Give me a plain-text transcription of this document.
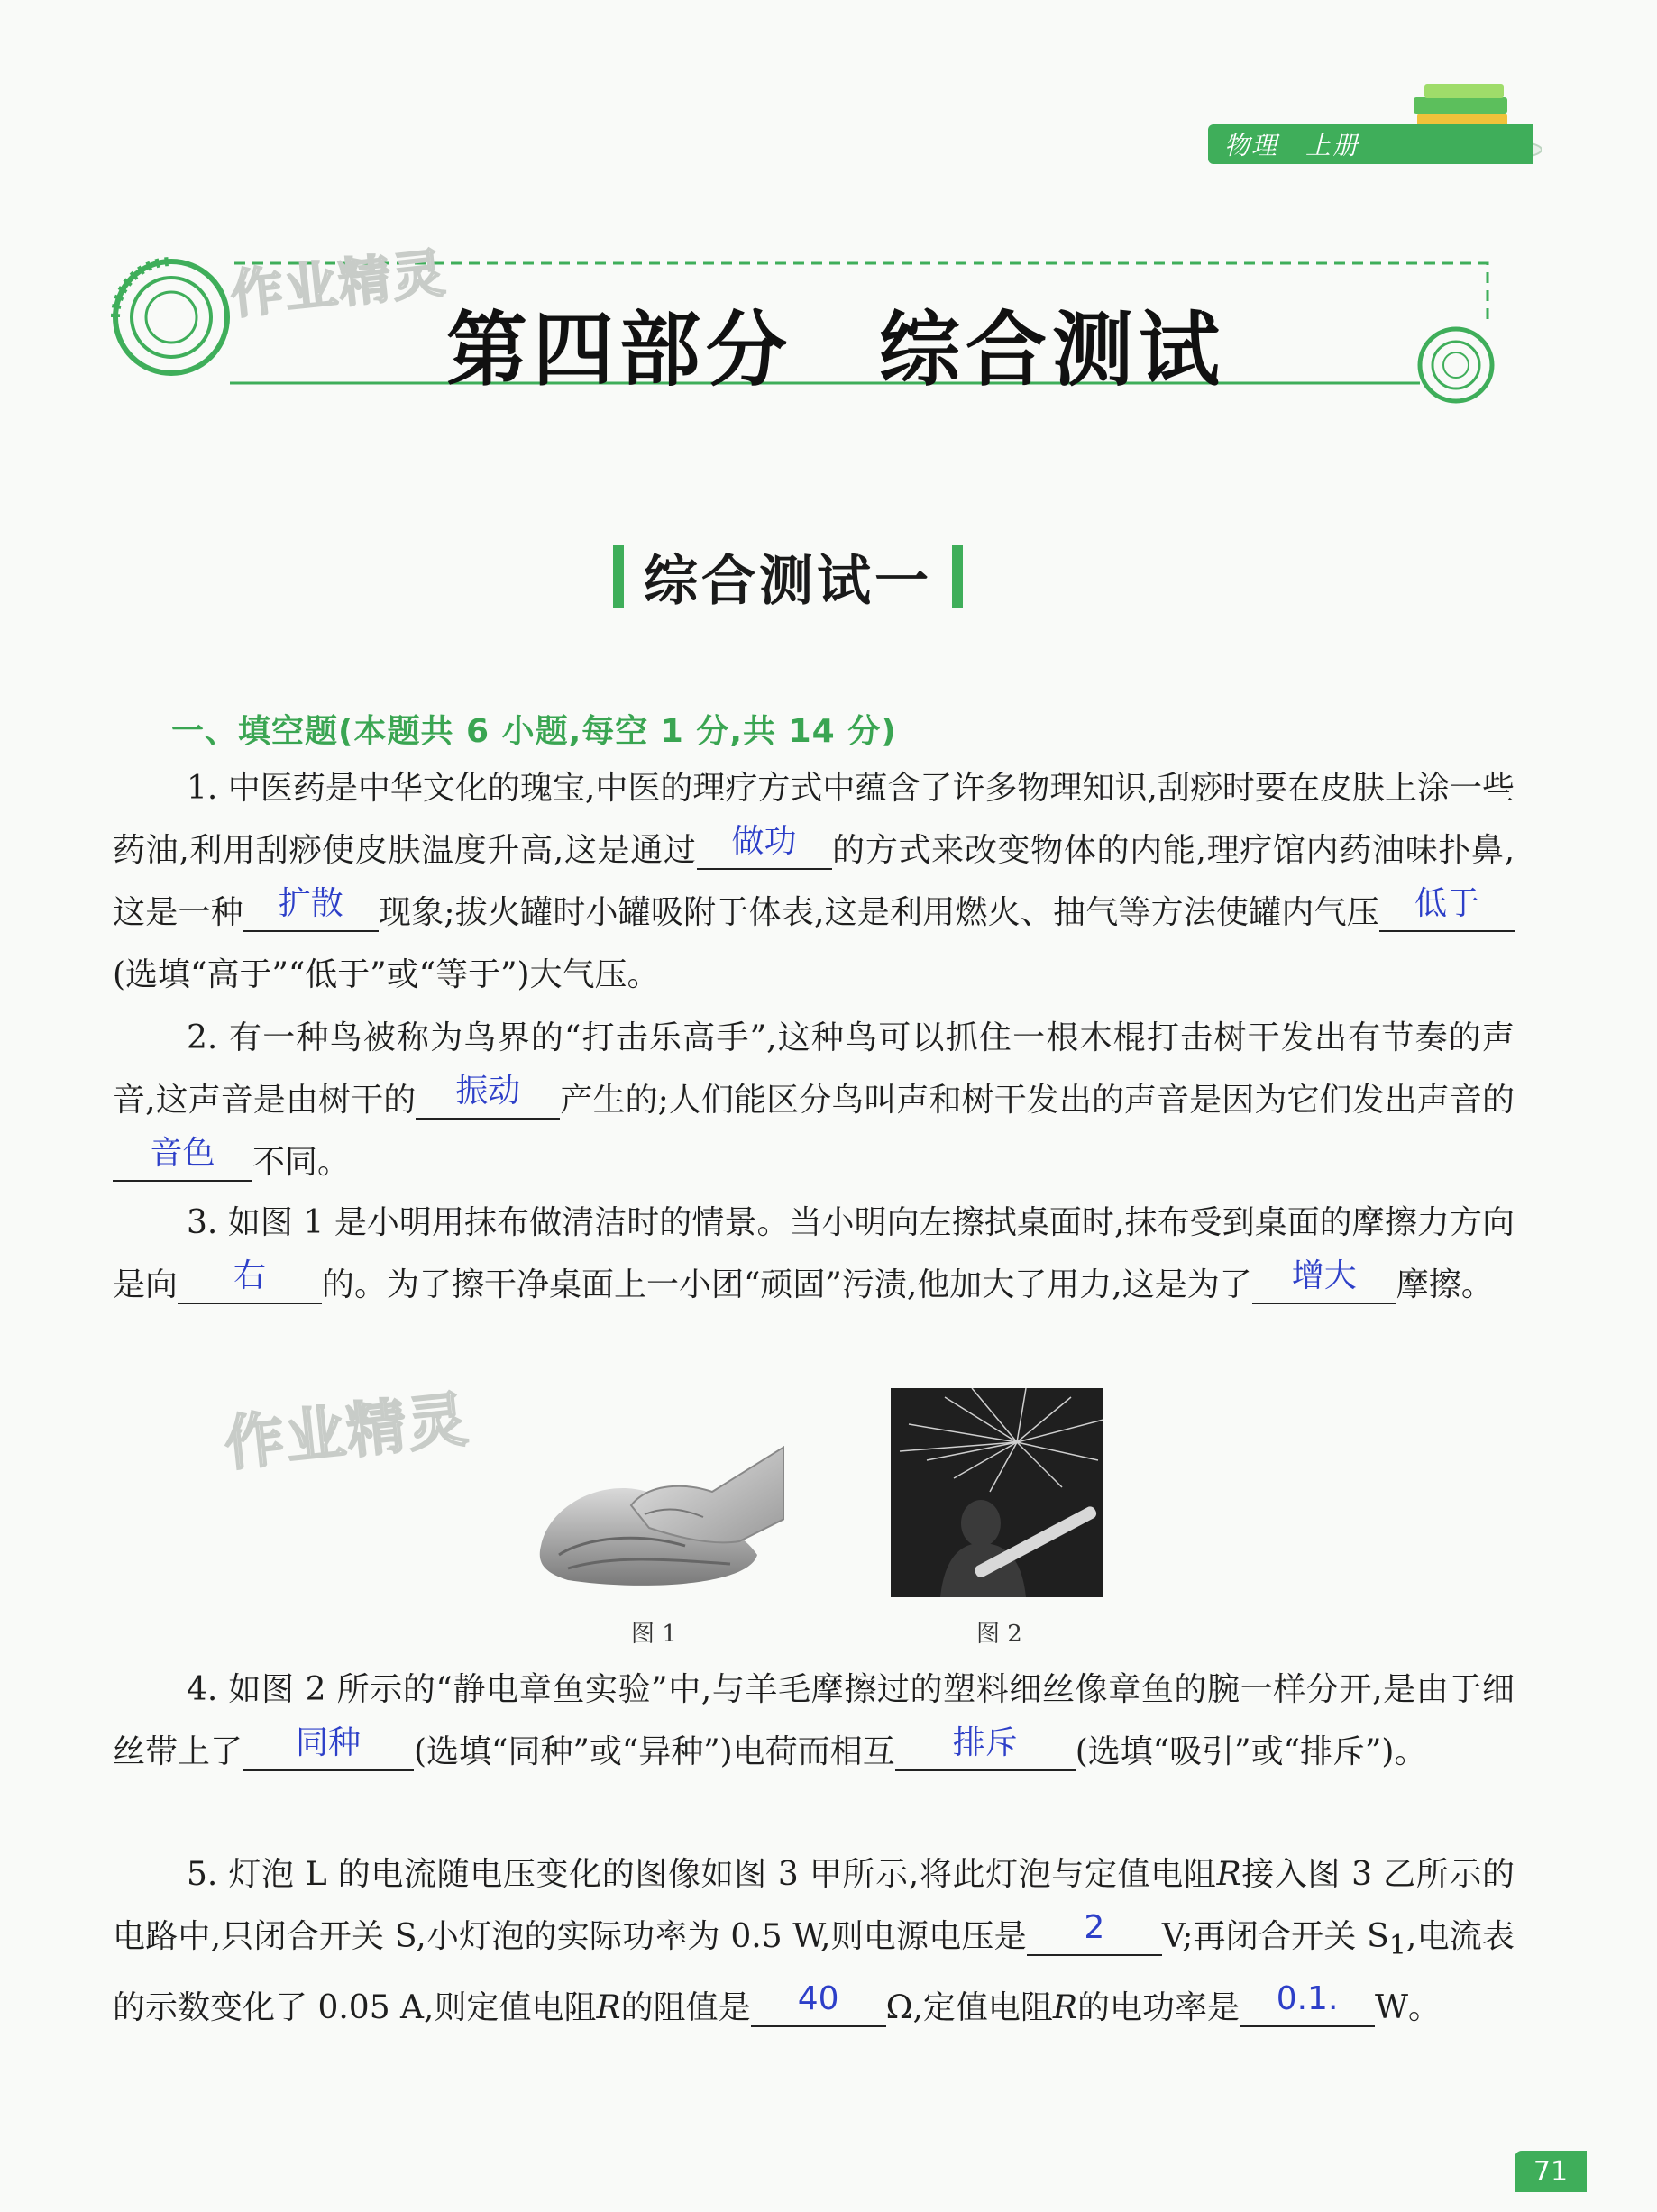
物理　上册
作业精灵
第四部分　综合测试
综合测试一
一、填空题(本题共 6 小题,每空 1 分,共 14 分)
1. 中医药是中华文化的瑰宝,中医的理疗方式中蕴含了许多物理知识,刮痧时要在皮肤上涂一些药油,利用刮痧使皮肤温度升高,这是通过 做功 的方式来改变物体的内能,理疗馆内药油味扑鼻,这是一种 扩散 现象;拔火罐时小罐吸附于体表,这是利用燃火、抽气等方法使罐内气压 低于(选填“高于”“低于”或“等于”)大气压。
2. 有一种鸟被称为鸟界的“打击乐高手”,这种鸟可以抓住一根木棍打击树干发出有节奏的声音,这声音是由树干的 振动 产生的;人们能区分鸟叫声和树干发出的声音是因为它们发出声音的音色 不同。
3. 如图 1 是小明用抹布做清洁时的情景。当小明向左擦拭桌面时,抹布受到桌面的摩擦力方向是向 右 的。为了擦干净桌面上一小团“顽固”污渍,他加大了用力,这是为了 增大 摩擦。
作业精灵
图 1	图 2
4. 如图 2 所示的“静电章鱼实验”中,与羊毛摩擦过的塑料细丝像章鱼的腕一样分开,是由于细丝带上了 同种 (选填“同种”或“异种”)电荷而相互 排斥 (选填“吸引”或“排斥”)。
5. 灯泡 L 的电流随电压变化的图像如图 3 甲所示,将此灯泡与定值电阻R接入图 3 乙所示的电路中,只闭合开关 S,小灯泡的实际功率为 0.5 W,则电源电压是 2 V;再闭合开关 $S_1$,电流表的示数变化了 0.05 A,则定值电阻R的阻值是 40 Ω,定值电阻R的电功率是 0.1. W。
71
